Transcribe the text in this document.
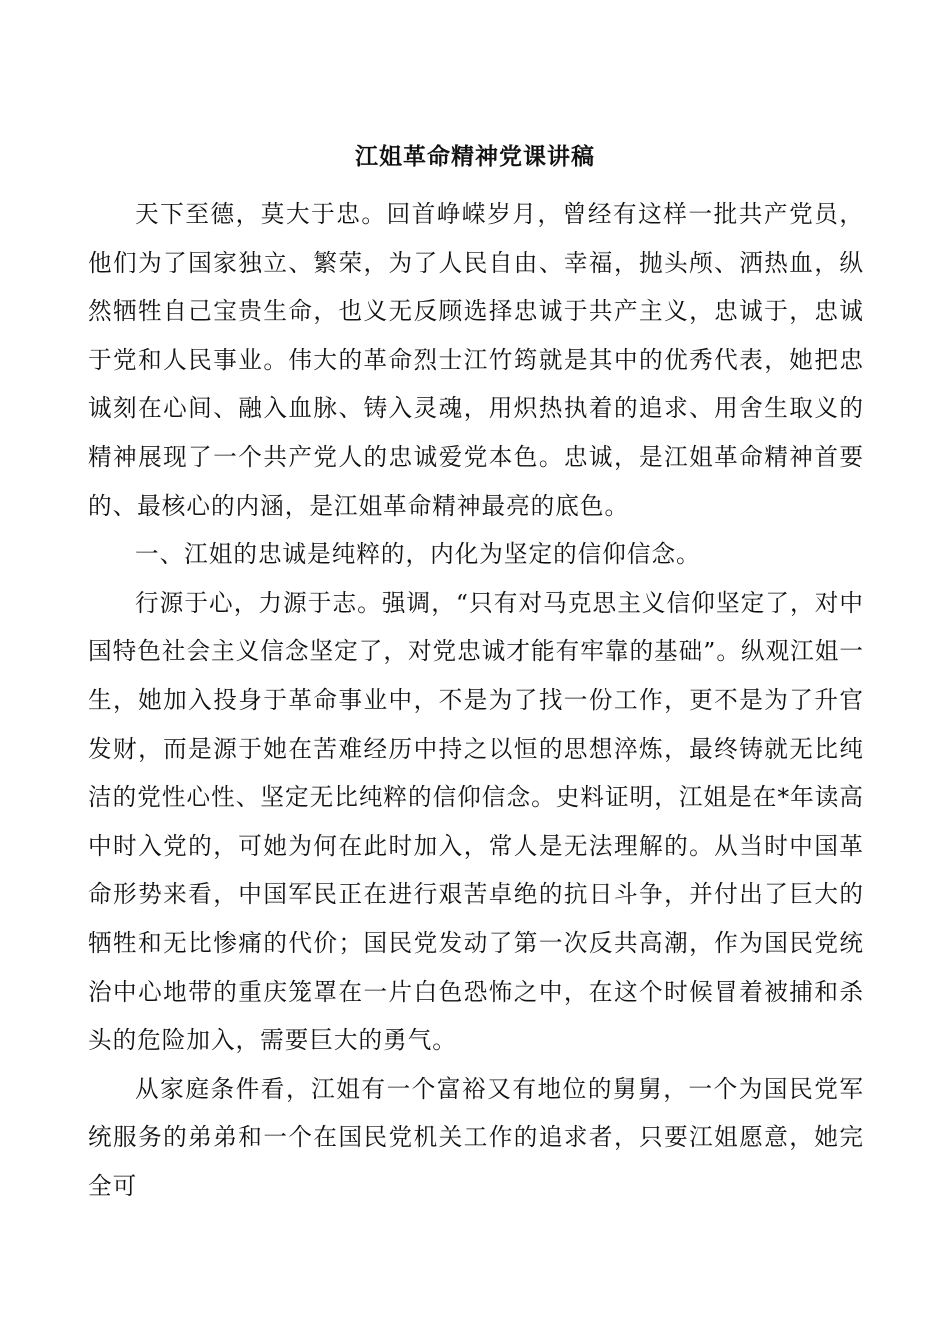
江姐革命精神党课讲稿

天下至德，莫大于忠。回首峥嵘岁月，曾经有这样一批共产党员，他们为了国家独立、繁荣，为了人民自由、幸福，抛头颅、洒热血，纵然牺牲自己宝贵生命，也义无反顾选择忠诚于共产主义，忠诚于，忠诚于党和人民事业。伟大的革命烈士江竹筠就是其中的优秀代表，她把忠诚刻在心间、融入血脉、铸入灵魂，用炽热执着的追求、用舍生取义的精神展现了一个共产党人的忠诚爱党本色。忠诚，是江姐革命精神首要的、最核心的内涵，是江姐革命精神最亮的底色。

一、江姐的忠诚是纯粹的，内化为坚定的信仰信念。

行源于心，力源于志。强调，“只有对马克思主义信仰坚定了，对中国特色社会主义信念坚定了，对党忠诚才能有牢靠的基础”。纵观江姐一生，她加入投身于革命事业中，不是为了找一份工作，更不是为了升官发财，而是源于她在苦难经历中持之以恒的思想淬炼，最终铸就无比纯洁的党性心性、坚定无比纯粹的信仰信念。史料证明，江姐是在*年读高中时入党的，可她为何在此时加入，常人是无法理解的。从当时中国革命形势来看，中国军民正在进行艰苦卓绝的抗日斗争，并付出了巨大的牺牲和无比惨痛的代价；国民党发动了第一次反共高潮，作为国民党统治中心地带的重庆笼罩在一片白色恐怖之中，在这个时候冒着被捕和杀头的危险加入，需要巨大的勇气。

从家庭条件看，江姐有一个富裕又有地位的舅舅，一个为国民党军统服务的弟弟和一个在国民党机关工作的追求者，只要江姐愿意，她完全可
